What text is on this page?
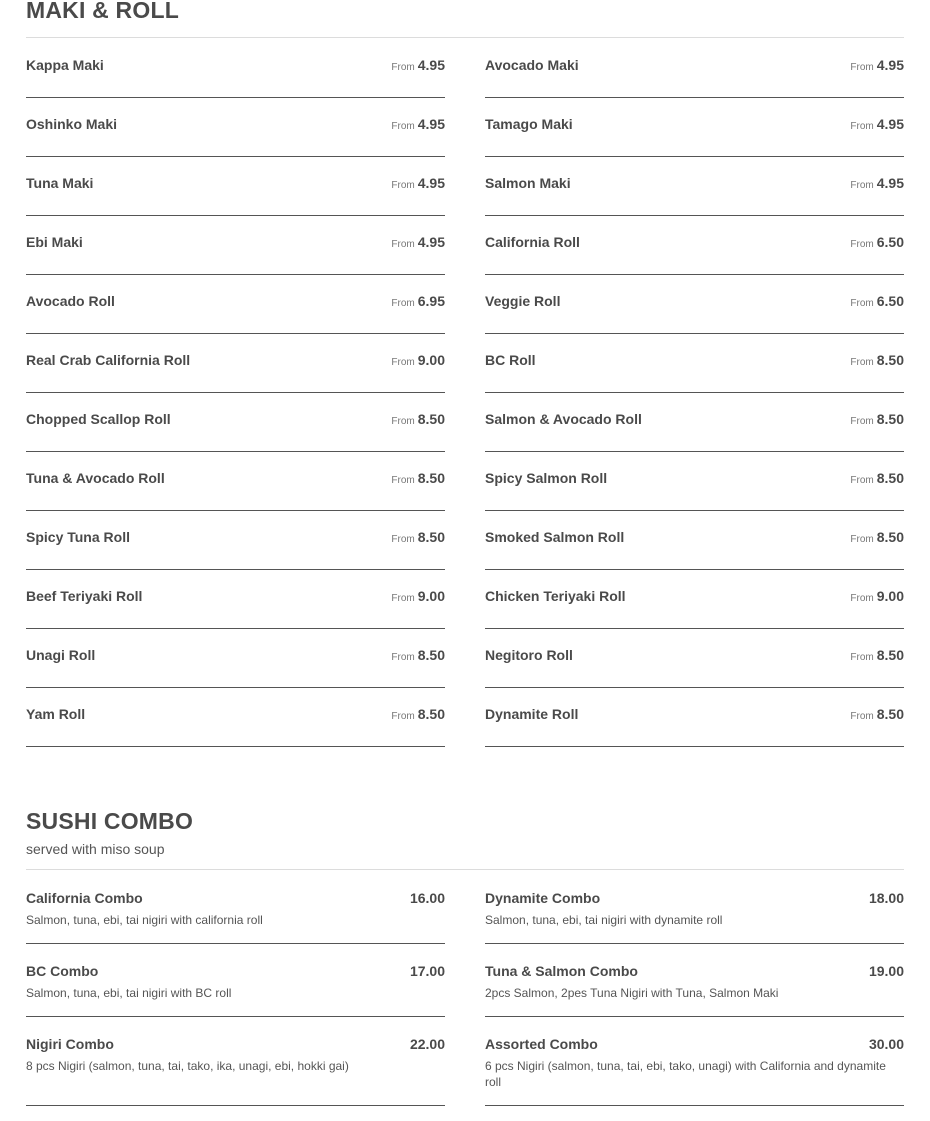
MAKI & ROLL
Kappa Maki	From 4.95	Avocado Maki	From 4.95
Oshinko Maki	From 4.95	Tamago Maki	From 4.95
Tuna Maki	From 4.95	Salmon Maki	From 4.95
Ebi Maki	From 4.95	California Roll	From 6.50
Avocado Roll	From 6.95	Veggie Roll	From 6.50
Real Crab California Roll	From 9.00	BC Roll	From 8.50
Chopped Scallop Roll	From 8.50	Salmon & Avocado Roll	From 8.50
Tuna & Avocado Roll	From 8.50	Spicy Salmon Roll	From 8.50
Spicy Tuna Roll	From 8.50	Smoked Salmon Roll	From 8.50
Beef Teriyaki Roll	From 9.00	Chicken Teriyaki Roll	From 9.00
Unagi Roll	From 8.50	Negitoro Roll	From 8.50
Yam Roll	From 8.50	Dynamite Roll	From 8.50
SUSHI COMBO
served with miso soup
California Combo	16.00
Salmon, tuna, ebi, tai nigiri with california roll
Dynamite Combo	18.00
Salmon, tuna, ebi, tai nigiri with dynamite roll
BC Combo	17.00
Salmon, tuna, ebi, tai nigiri with BC roll
Tuna & Salmon Combo	19.00
2pcs Salmon, 2pes Tuna Nigiri with Tuna, Salmon Maki
Nigiri Combo	22.00
8 pcs Nigiri (salmon, tuna, tai, tako, ika, unagi, ebi, hokki gai)
Assorted Combo	30.00
6 pcs Nigiri (salmon, tuna, tai, ebi, tako, unagi) with California and dynamite roll
